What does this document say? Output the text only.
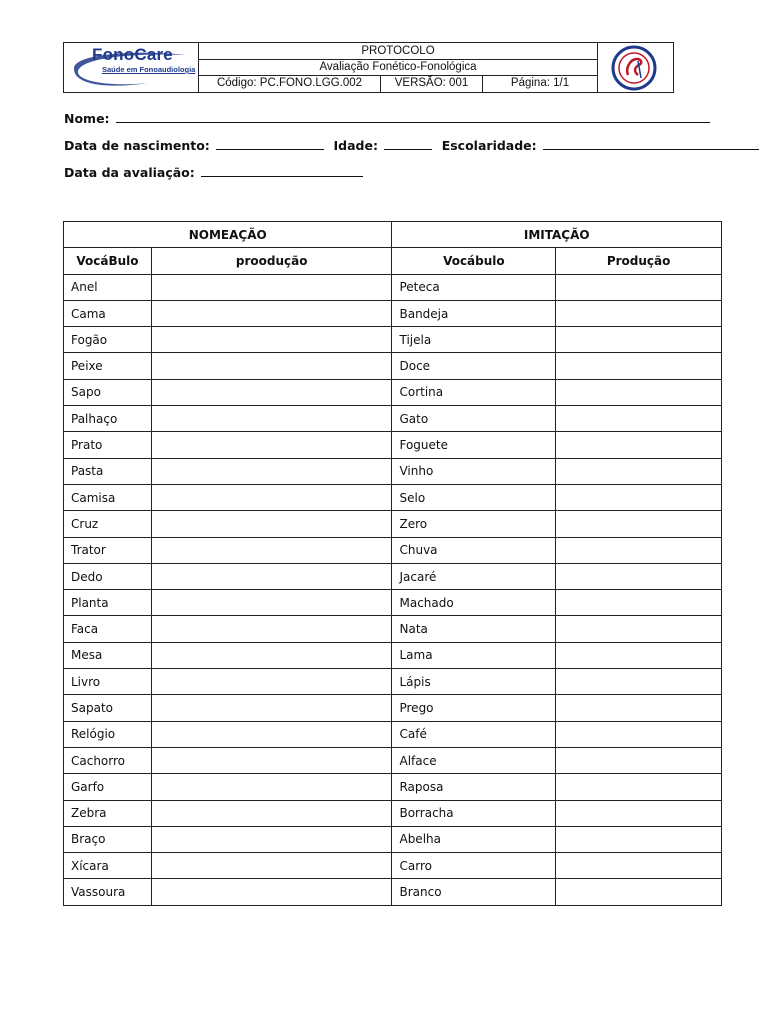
FonoCare
Saúde em Fonoaudiologia
PROTOCOLO
Avaliação Fonético-Fonológica
Código: PC.FONO.LGG.002	VERSÃO: 001	Página: 1/1
Nome:
Data de nascimento:	Idade:	Escolaridade:
Data da avaliação:
NOMEAÇÃO		IMITAÇÃO	
VocáBulo	proodução	Vocábulo	Produção
Anel		Peteca	
Cama		Bandeja	
Fogão		Tijela	
Peixe		Doce	
Sapo		Cortina	
Palhaço		Gato	
Prato		Foguete	
Pasta		Vinho	
Camisa		Selo	
Cruz		Zero	
Trator		Chuva	
Dedo		Jacaré	
Planta		Machado	
Faca		Nata	
Mesa		Lama	
Livro		Lápis	
Sapato		Prego	
Relógio		Café	
Cachorro		Alface	
Garfo		Raposa	
Zebra		Borracha	
Braço		Abelha	
Xícara		Carro	
Vassoura		Branco	
